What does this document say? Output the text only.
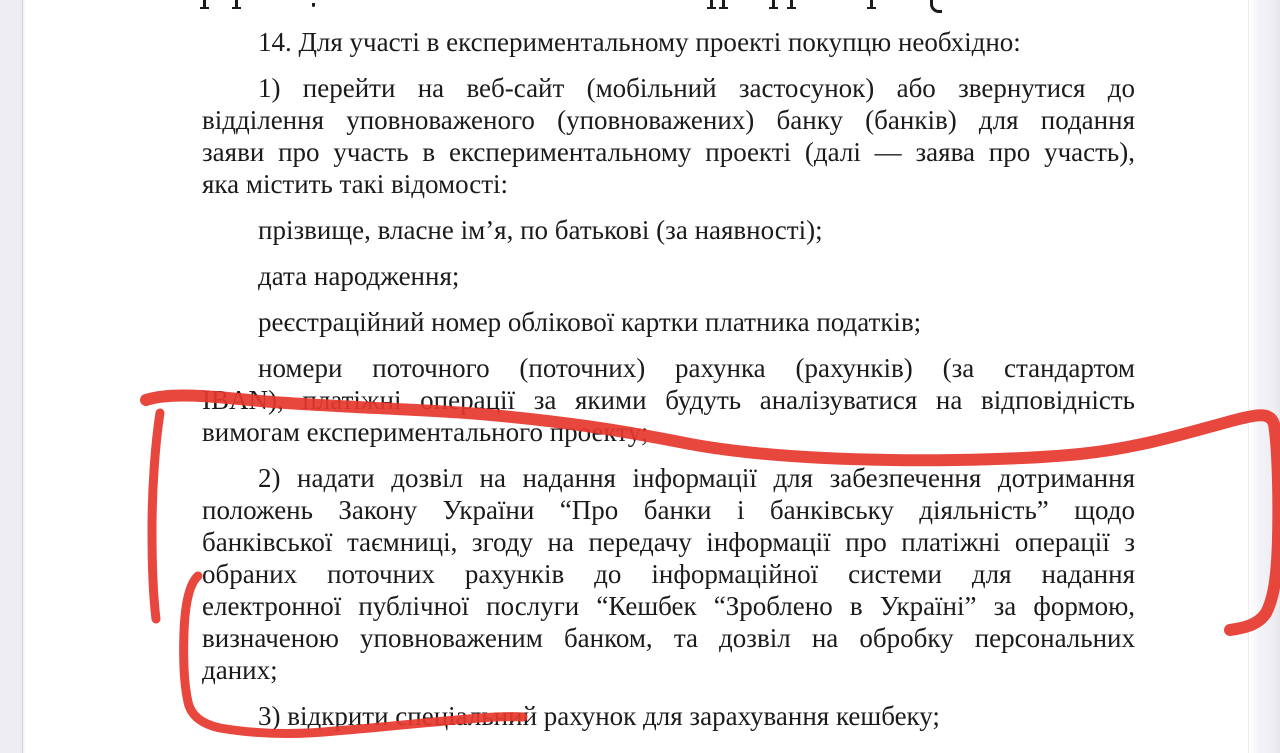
14. Для участі в експериментальному проекті покупцю необхідно:
1) перейти на веб-сайт (мобільний застосунок) або звернутися до
відділення уповноваженого (уповноважених) банку (банків) для подання
заяви про участь в експериментальному проекті (далі — заява про участь),
яка містить такі відомості:
прізвище, власне ім’я, по батькові (за наявності);
дата народження;
реєстраційний номер облікової картки платника податків;
номери поточного (поточних) рахунка (рахунків) (за стандартом
IBAN), платіжні операції за якими будуть аналізуватися на відповідність
вимогам експериментального проекту;
2) надати дозвіл на надання інформації для забезпечення дотримання
положень Закону України “Про банки і банківську діяльність” щодо
банківської таємниці, згоду на передачу інформації про платіжні операції з
обраних поточних рахунків до інформаційної системи для надання
електронної публічної послуги “Кешбек “Зроблено в Україні” за формою,
визначеною уповноваженим банком, та дозвіл на обробку персональних
даних;
3) відкрити спеціальний рахунок для зарахування кешбеку;
